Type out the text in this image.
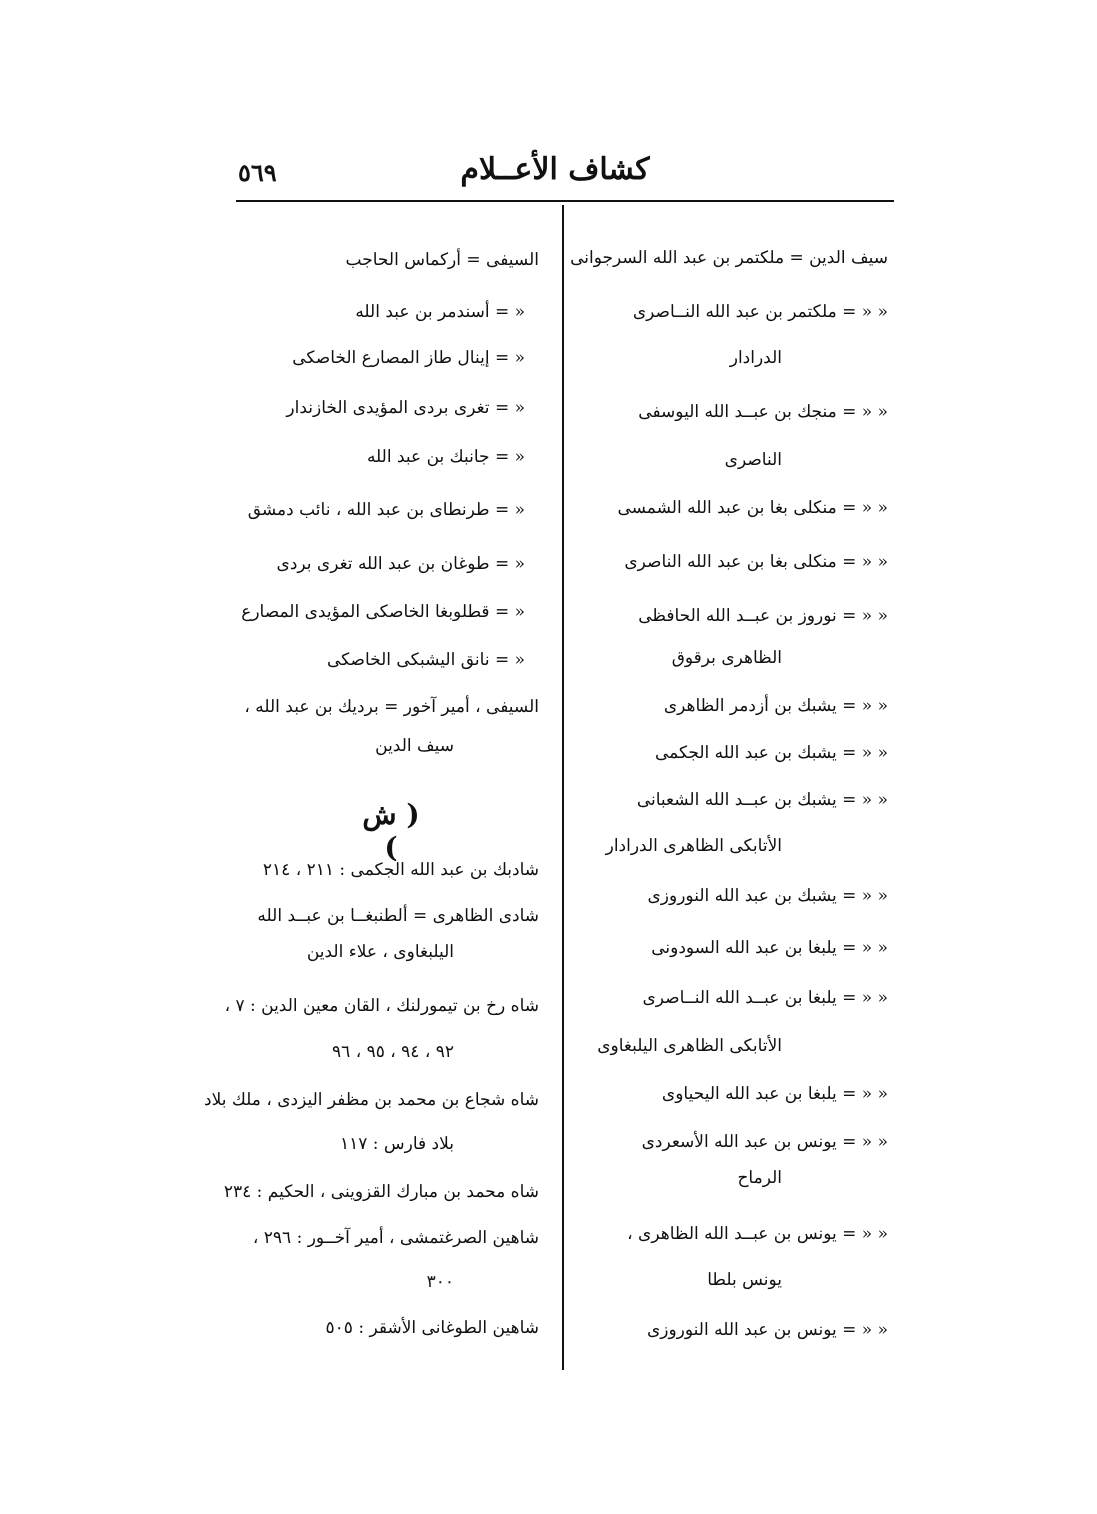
كشاف الأعــلام
٥٦٩
سيف الدين = ملكتمر بن عبد الله السرجوانى
« « = ملكتمر بن عبد الله النــاصرى
الدرادار
« « = منجك بن عبــد الله اليوسفى
الناصرى
« « = منكلى بغا بن عبد الله الشمسى
« « = منكلى بغا بن عبد الله الناصرى
« « = نوروز بن عبــد الله الحافظى
الظاهرى برقوق
« « = يشبك بن أزدمر الظاهرى
« « = يشبك بن عبد الله الجكمى
« « = يشبك بن عبــد الله الشعبانى
الأتابكى الظاهرى الدرادار
« « = يشبك بن عبد الله النوروزى
« « = يلبغا بن عبد الله السودونى
« « = يلبغا بن عبــد الله النــاصرى
الأتابكى الظاهرى اليلبغاوى
« « = يلبغا بن عبد الله اليحياوى
« « = يونس بن عبد الله الأسعردى
الرماح
« « = يونس بن عبــد الله الظاهرى ،
يونس بلطا
« « = يونس بن عبد الله النوروزى
السيفى = أركماس الحاجب
« = أسندمر بن عبد الله
« = إينال طاز المصارع الخاصكى
« = تغرى بردى المؤيدى الخازندار
« = جانبك بن عبد الله
« = طرنطاى بن عبد الله ، نائب دمشق
« = طوغان بن عبد الله تغرى بردى
« = قطلوبغا الخاصكى المؤيدى المصارع
« = نانق اليشبكى الخاصكى
السيفى ، أمير آخور = برديك بن عبد الله ،
سيف الدين
( ش )
شادبك بن عبد الله الجكمى : ٢١١ ، ٢١٤
شادى الظاهرى = ألطنبغــا بن عبــد الله
اليلبغاوى ، علاء الدين
شاه رخ بن تيمورلنك ، القان معين الدين : ٧ ،
٩٢ ، ٩٤ ، ٩٥ ، ٩٦
شاه شجاع بن محمد بن مظفر اليزدى ، ملك بلاد
بلاد فارس : ١١٧
شاه محمد بن مبارك القزوينى ، الحكيم : ٢٣٤
شاهين الصرغتمشى ، أمير آخــور : ٢٩٦ ،
٣٠٠
شاهين الطوغانى الأشقر : ٥٠٥
